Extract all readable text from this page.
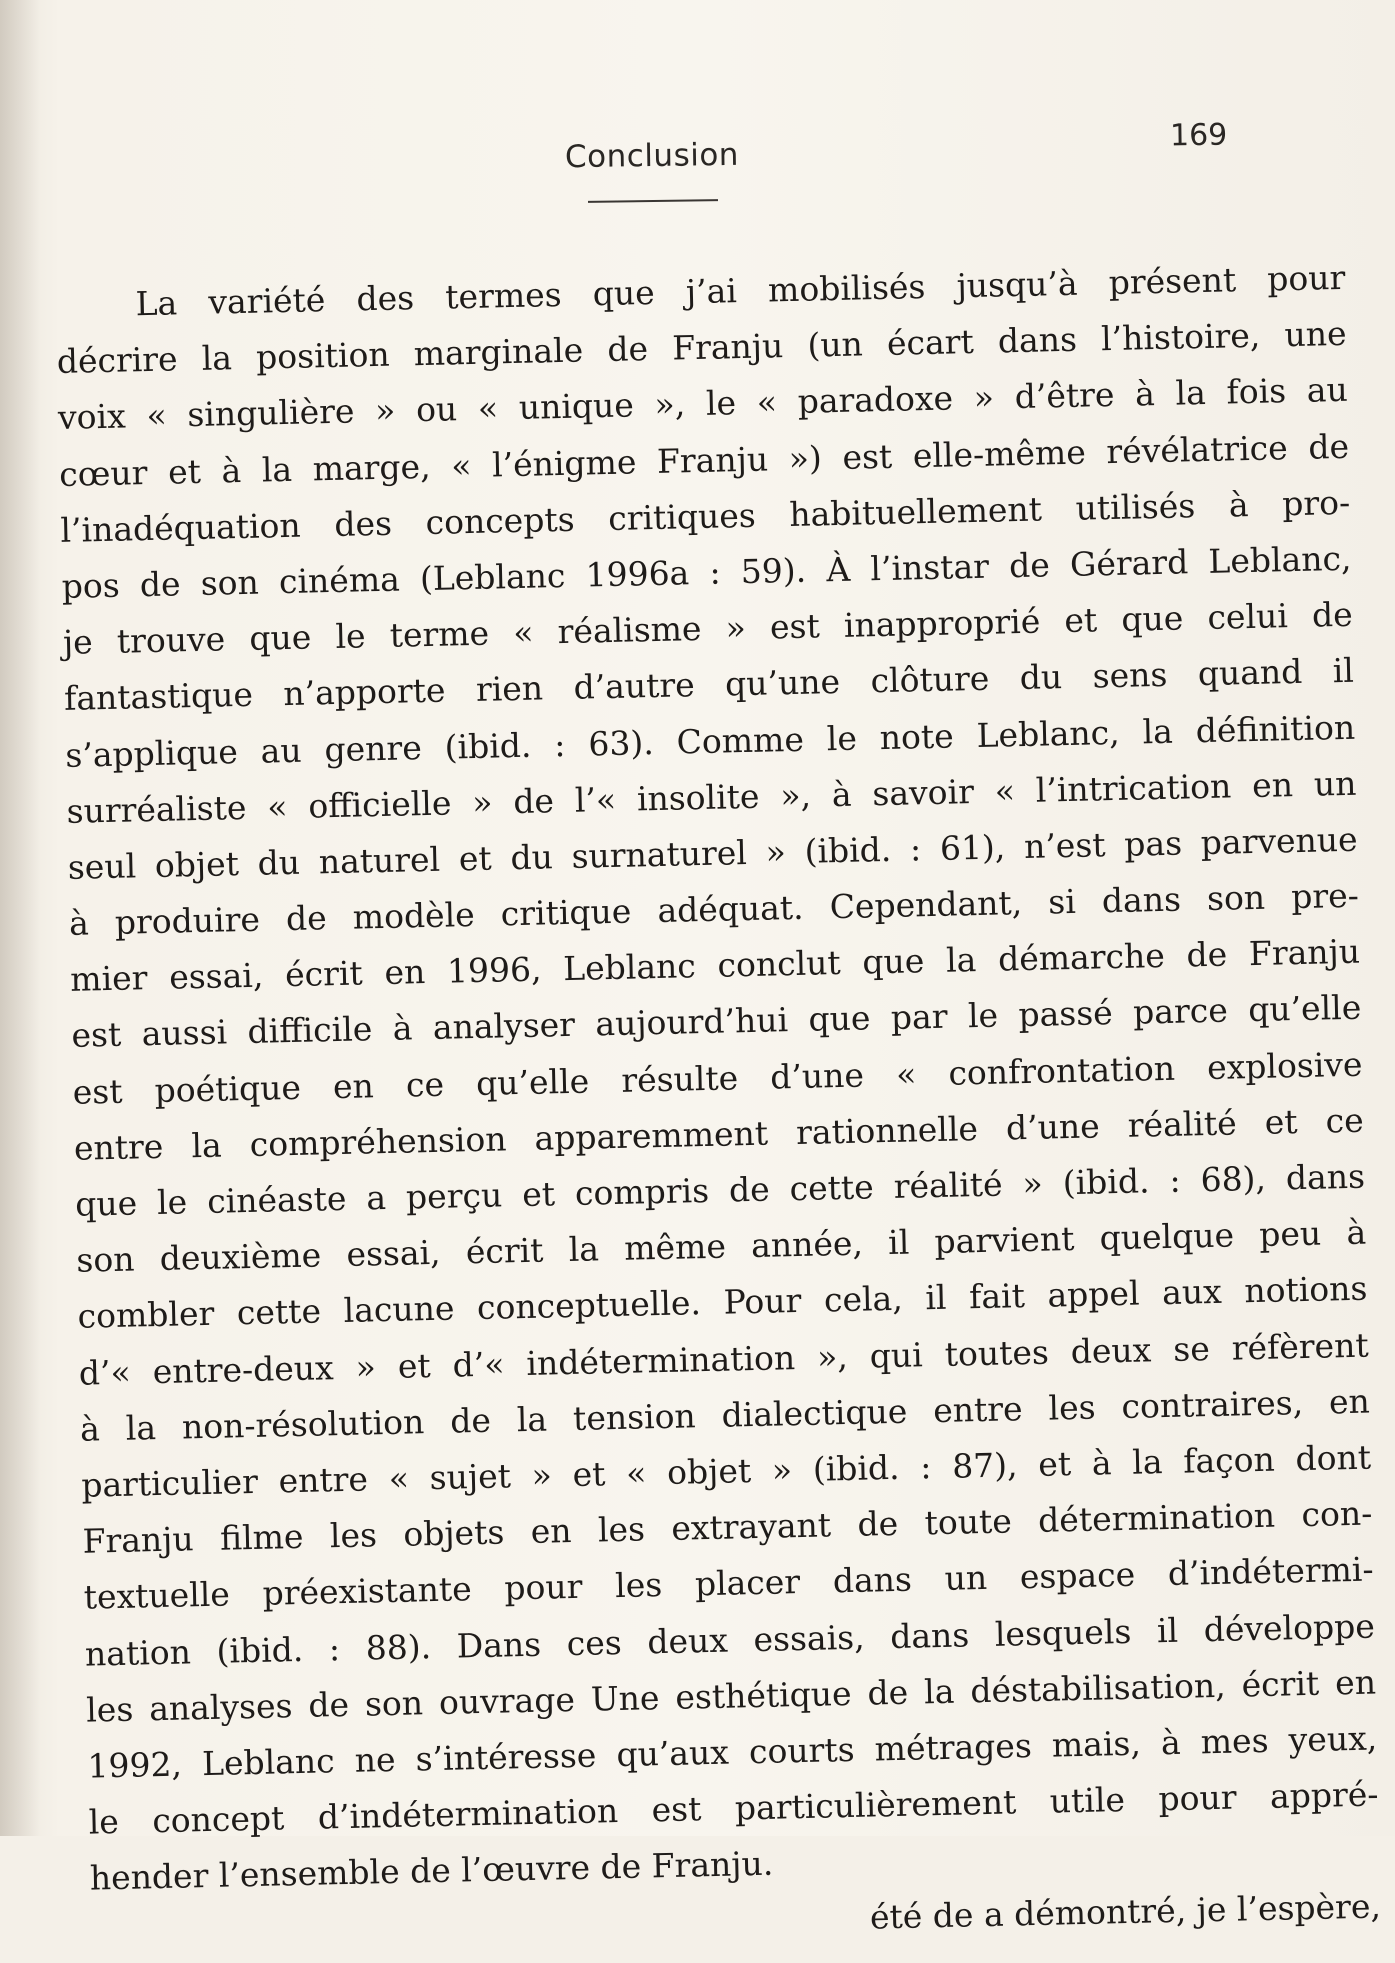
Conclusion
169
La variété des termes que j’ai mobilisés jusqu’à présent pour
décrire la position marginale de Franju (un écart dans l’histoire, une
voix « singulière » ou « unique », le « paradoxe » d’être à la fois au
cœur et à la marge, « l’énigme Franju ») est elle-même révélatrice de
l’inadéquation des concepts critiques habituellement utilisés à pro-
pos de son cinéma (Leblanc 1996a : 59). À l’instar de Gérard Leblanc,
je trouve que le terme « réalisme » est inapproprié et que celui de
fantastique n’apporte rien d’autre qu’une clôture du sens quand il
s’applique au genre (ibid. : 63). Comme le note Leblanc, la définition
surréaliste « officielle » de l’« insolite », à savoir « l’intrication en un
seul objet du naturel et du surnaturel » (ibid. : 61), n’est pas parvenue
à produire de modèle critique adéquat. Cependant, si dans son pre-
mier essai, écrit en 1996, Leblanc conclut que la démarche de Franju
est aussi difficile à analyser aujourd’hui que par le passé parce qu’elle
est poétique en ce qu’elle résulte d’une « confrontation explosive
entre la compréhension apparemment rationnelle d’une réalité et ce
que le cinéaste a perçu et compris de cette réalité » (ibid. : 68), dans
son deuxième essai, écrit la même année, il parvient quelque peu à
combler cette lacune conceptuelle. Pour cela, il fait appel aux notions
d’« entre-deux » et d’« indétermination », qui toutes deux se réfèrent
à la non-résolution de la tension dialectique entre les contraires, en
particulier entre « sujet » et « objet » (ibid. : 87), et à la façon dont
Franju filme les objets en les extrayant de toute détermination con-
textuelle préexistante pour les placer dans un espace d’indétermi-
nation (ibid. : 88). Dans ces deux essais, dans lesquels il développe
les analyses de son ouvrage Une esthétique de la déstabilisation, écrit en
1992, Leblanc ne s’intéresse qu’aux courts métrages mais, à mes yeux,
le concept d’indétermination est particulièrement utile pour appré-
hender l’ensemble de l’œuvre de Franju.
été de a démontré, je l’espère,
